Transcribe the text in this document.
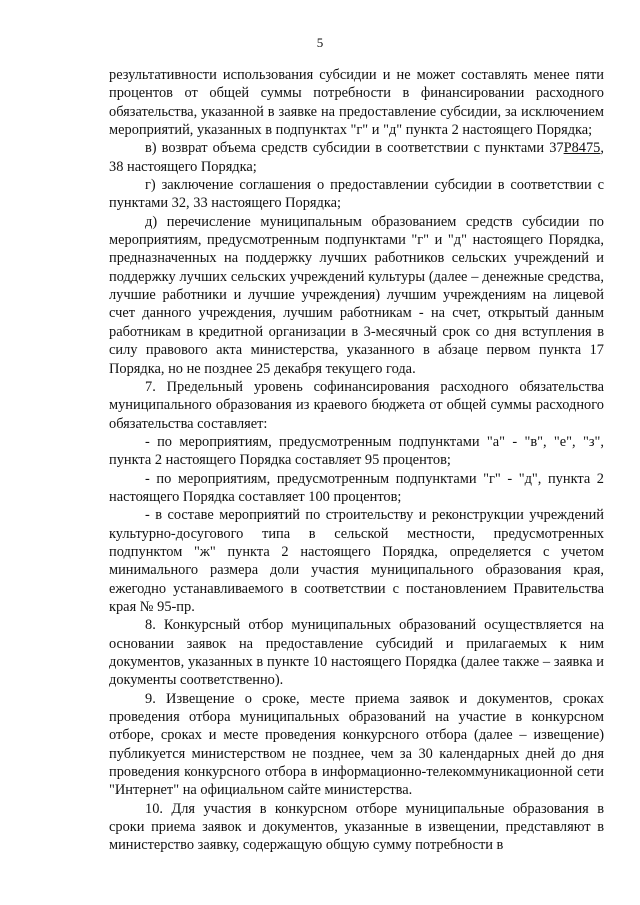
5

результативности использования субсидии и не может составлять менее пяти процентов от общей суммы потребности в финансировании расходного обязательства, указанной в заявке на предоставление субсидии, за исключением мероприятий, указанных в подпунктах "г" и "д" пункта 2 настоящего Порядка;

в) возврат объема средств субсидии в соответствии с пунктами 37Р8475, 38 настоящего Порядка;

г) заключение соглашения о предоставлении субсидии в соответствии с пунктами 32, 33 настоящего Порядка;

д) перечисление муниципальным образованием средств субсидии по мероприятиям, предусмотренным подпунктами "г" и "д" настоящего Порядка, предназначенных на поддержку лучших работников сельских учреждений и поддержку лучших сельских учреждений культуры (далее – денежные средства, лучшие работники и лучшие учреждения) лучшим учреждениям на лицевой счет данного учреждения, лучшим работникам - на счет, открытый данным работникам в кредитной организации в 3-месячный срок со дня вступления в силу правового акта министерства, указанного в абзаце первом пункта 17 Порядка, но не позднее 25 декабря текущего года.

7. Предельный уровень софинансирования расходного обязательства муниципального образования из краевого бюджета от общей суммы расходного обязательства составляет:

- по мероприятиям, предусмотренным подпунктами "а" - "в", "е", "з", пункта 2 настоящего Порядка составляет 95 процентов;

- по мероприятиям, предусмотренным подпунктами "г" - "д", пункта 2 настоящего Порядка составляет 100 процентов;

- в составе мероприятий по строительству и реконструкции учреждений культурно-досугового типа в сельской местности, предусмотренных подпунктом "ж" пункта 2 настоящего Порядка, определяется с учетом минимального размера доли участия муниципального образования края, ежегодно устанавливаемого в соответствии с постановлением Правительства края № 95-пр.

8. Конкурсный отбор муниципальных образований осуществляется на основании заявок на предоставление субсидий и прилагаемых к ним документов, указанных в пункте 10 настоящего Порядка (далее также – заявка и документы соответственно).

9. Извещение о сроке, месте приема заявок и документов, сроках проведения отбора муниципальных образований на участие в конкурсном отборе, сроках и месте проведения конкурсного отбора (далее – извещение) публикуется министерством не позднее, чем за 30 календарных дней до дня проведения конкурсного отбора в информационно-телекоммуникационной сети "Интернет" на официальном сайте министерства.

10. Для участия в конкурсном отборе муниципальные образования в сроки приема заявок и документов, указанные в извещении, представляют в министерство заявку, содержащую общую сумму потребности в
